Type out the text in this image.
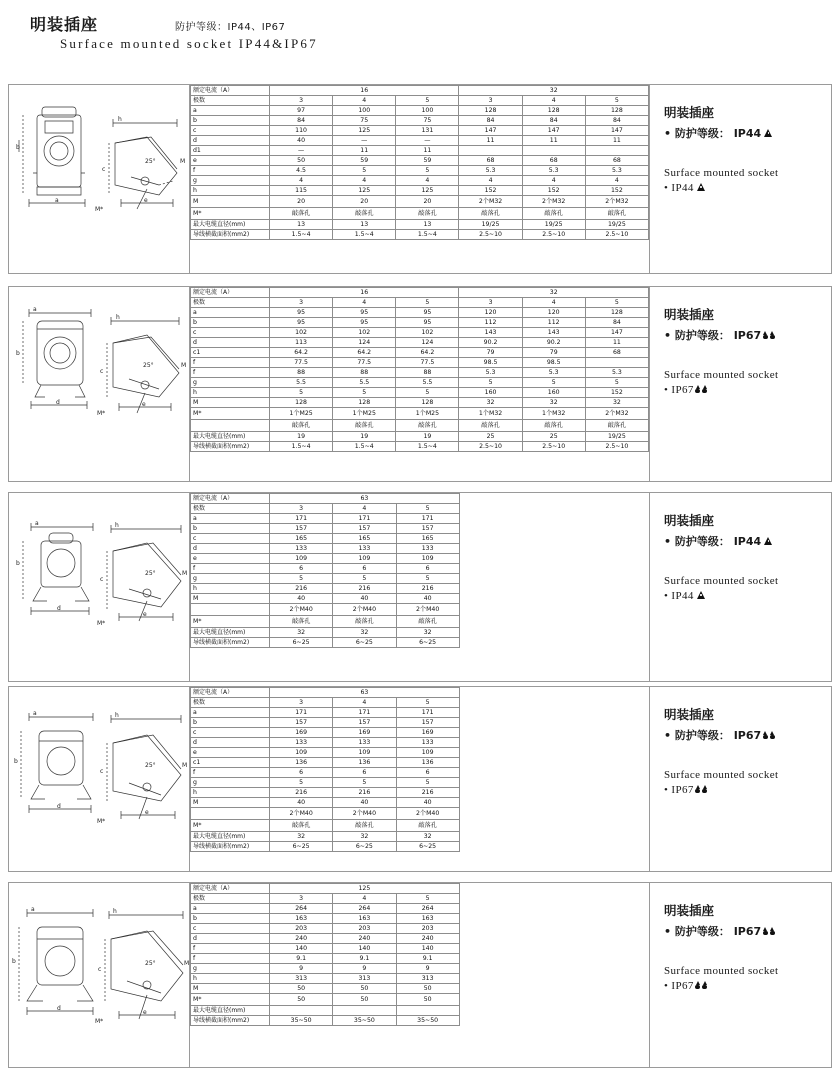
明装插座	防护等级：IP44、IP67
Surface mounted socket IP44&IP67
h
a
b
c
e
M
M*
25°
额定电流（A）	16			32		
极数	3	4	5	3	4	5
a	97	100	100	128	128	128
b	84	75	75	84	84	84
c	110	125	131	147	147	147
d	40	—	—	11	11	11
d1	—	11	11			
e	50	59	59	68	68	68
f	4.5	5	5	5.3	5.3	5.3
g	4	4	4	4	4	4
h	115	125	125	152	152	152
M	20	20	20	2个M32	2个M32	2个M32
M*	敲落孔	敲落孔	敲落孔	敲落孔	敲落孔	敲落孔
最大电缆直径(mm)	13	13	13	19/25	19/25	19/25
导线横截面积(mm2)	1.5~4	1.5~4	1.5~4	2.5~10	2.5~10	2.5~10
明装插座
• 防护等级： IP44
Surface mounted socket
• IP44
a
h
b
c
d	e
M
M*
25°
额定电流（A）	16			32		
极数	3	4	5	3	4	5
a	95	95	95	120	120	128
b	95	95	95	112	112	84
c	102	102	102	143	143	147
d	113	124	124	90.2	90.2	11
c1	64.2	64.2	64.2	79	79	68
f	77.5	77.5	77.5	98.5	98.5	
f	88	88	88	5.3	5.3	5.3
g	5.5	5.5	5.5	5	5	5
h	5	5	5	160	160	152
M	128	128	128	32	32	32
M*	1个M25	1个M25	1个M25	1个M32	1个M32	2个M32
	敲落孔	敲落孔	敲落孔	敲落孔	敲落孔	敲落孔
最大电缆直径(mm)	19	19	19	25	25	19/25
导线横截面积(mm2)	1.5~4	1.5~4	1.5~4	2.5~10	2.5~10	2.5~10
明装插座
• 防护等级： IP67
Surface mounted socket
• IP67
a	h
b
c
d
e
M
M*
25°
额定电流（A）	63			
极数	3	4	5	
a	171	171	171	
b	157	157	157	
c	165	165	165	
d	133	133	133	
e	109	109	109	
f	6	6	6	
g	5	5	5	
h	216	216	216	
M	40	40	40	
	2个M40	2个M40	2个M40	
M*	敲落孔	敲落孔	敲落孔	
最大电缆直径(mm)	32	32	32	
导线横截面积(mm2)	6~25	6~25	6~25	
明装插座
• 防护等级： IP44
Surface mounted socket
• IP44
a	h
b
c
d
e
M
M*
25°
额定电流（A）	63			
极数	3	4	5	
a	171	171	171	
b	157	157	157	
c	169	169	169	
d	133	133	133	
e	109	109	109	
c1	136	136	136	
f	6	6	6	
g	5	5	5	
h	216	216	216	
M	40	40	40	
	2个M40	2个M40	2个M40	
M*	敲落孔	敲落孔	敲落孔	
最大电缆直径(mm)	32	32	32	
导线横截面积(mm2)	6~25	6~25	6~25	
明装插座
• 防护等级： IP67
Surface mounted socket
• IP67
a	h
b
c
d
e
M
M*
25°
额定电流（A）	125			
极数	3	4	5	
a	264	264	264	
b	163	163	163	
c	203	203	203	
d	240	240	240	
f	140	140	140	
f	9.1	9.1	9.1	
g	9	9	9	
h	313	313	313	
M	50	50	50	
M*	50	50	50	
最大电缆直径(mm)				
导线横截面积(mm2)	35~50	35~50	35~50	
明装插座
• 防护等级： IP67
Surface mounted socket
• IP67
